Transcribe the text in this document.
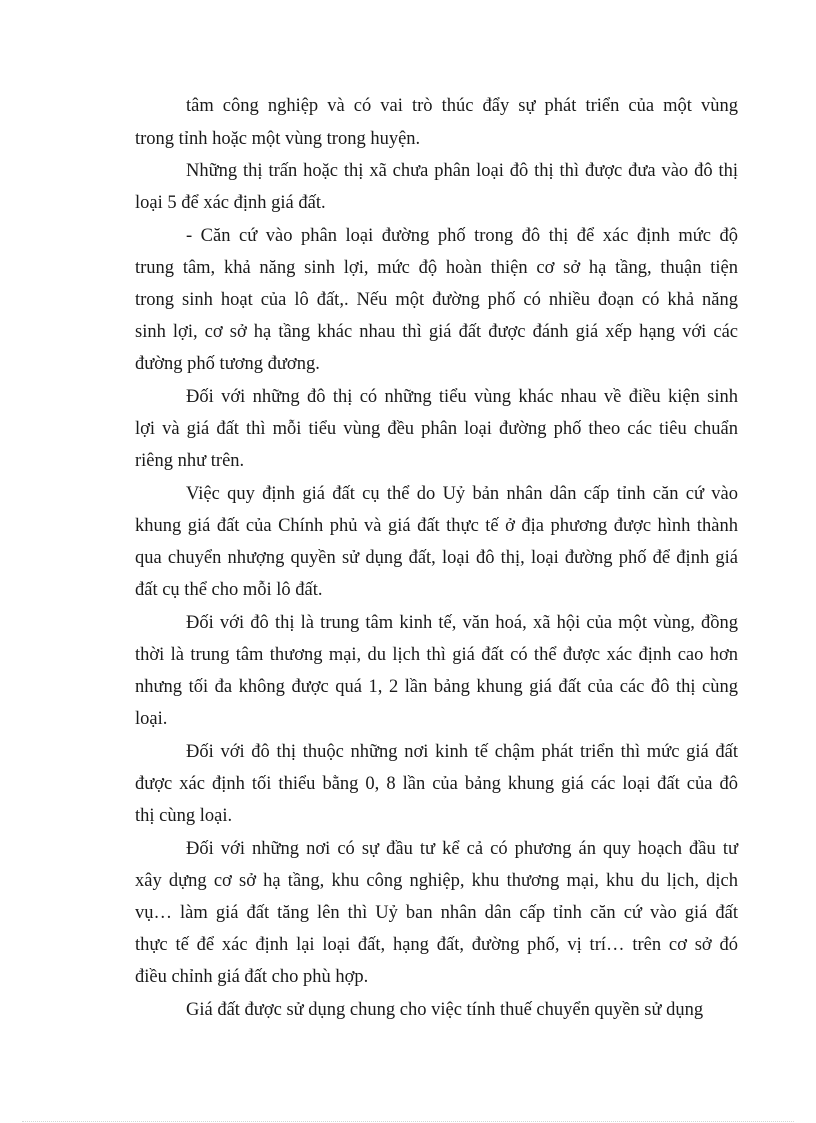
tâm công nghiệp và có vai trò thúc đẩy sự phát triển của một vùng
trong tỉnh hoặc một vùng trong huyện.
Những thị trấn hoặc thị xã chưa phân loại đô thị thì được đưa vào đô thị
loại 5 để xác định giá đất.
- Căn cứ vào phân loại đường phố trong đô thị để xác định mức độ
trung tâm, khả năng sinh lợi, mức độ hoàn thiện cơ sở hạ tầng, thuận tiện
trong sinh hoạt của lô đất,. Nếu một đường phố có nhiều đoạn có khả năng
sinh lợi, cơ sở hạ tầng khác nhau thì giá đất được đánh giá xếp hạng với các
đường phố tương đương.
Đối với những đô thị có những tiểu vùng khác nhau về điều kiện sinh
lợi và giá đất thì mỗi tiểu vùng đều phân loại đường phố theo các tiêu chuẩn
riêng như trên.
Việc quy định giá đất cụ thể do Uỷ bản nhân dân cấp tỉnh căn cứ vào
khung giá đất của Chính phủ và giá đất thực tế ở địa phương được hình thành
qua chuyển nhượng quyền sử dụng đất, loại đô thị, loại đường phố để định giá
đất cụ thể cho mỗi lô đất.
Đối với đô thị là trung tâm kinh tế, văn hoá, xã hội của một vùng, đồng
thời là trung tâm thương mại, du lịch thì giá đất có thể được xác định cao hơn
nhưng tối đa không được quá 1, 2 lần bảng khung giá đất của các đô thị cùng
loại.
Đối với đô thị thuộc những nơi kinh tế chậm phát triển thì mức giá đất
được xác định tối thiểu bằng 0, 8 lần của bảng khung giá các loại đất của đô
thị cùng loại.
Đối với những nơi có sự đầu tư kể cả có phương án quy hoạch đầu tư
xây dựng cơ sở hạ tầng, khu công nghiệp, khu thương mại, khu du lịch, dịch
vụ… làm giá đất tăng lên thì Uỷ ban nhân dân cấp tỉnh căn cứ vào giá đất
thực tế để xác định lại loại đất, hạng đất, đường phố, vị trí… trên cơ sở đó
điều chỉnh giá đất cho phù hợp.
Giá đất được sử dụng chung cho việc tính thuế chuyển quyền sử dụng
